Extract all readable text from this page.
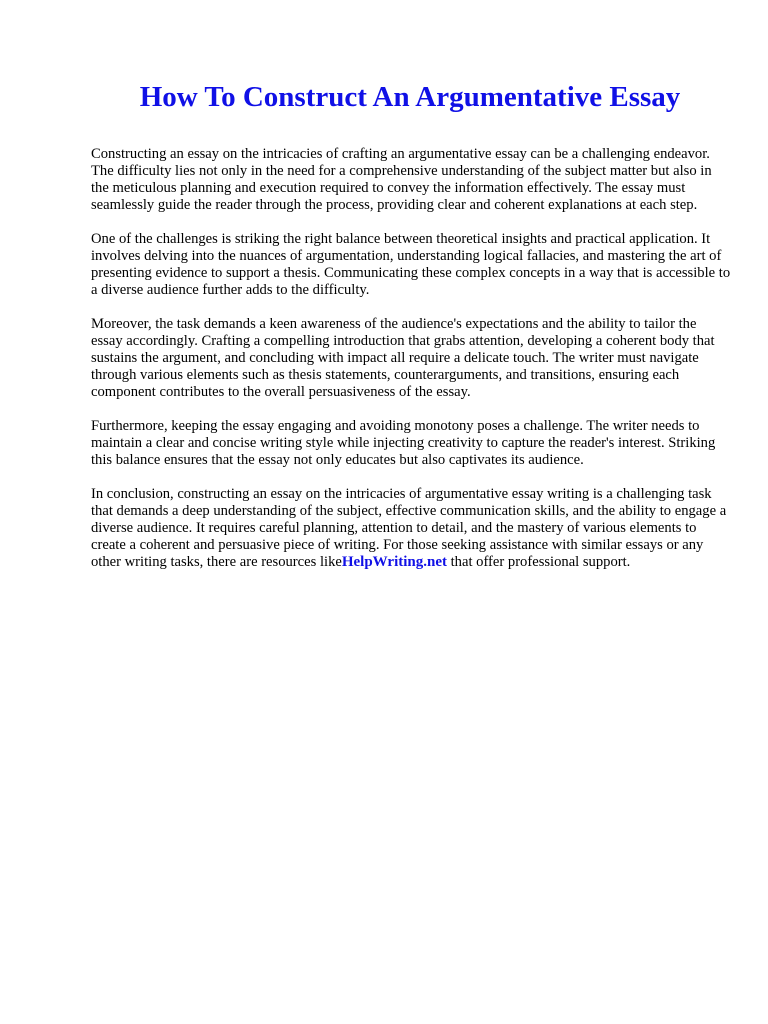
How To Construct An Argumentative Essay

Constructing an essay on the intricacies of crafting an argumentative essay can be a challenging endeavor. The difficulty lies not only in the need for a comprehensive understanding of the subject matter but also in the meticulous planning and execution required to convey the information effectively. The essay must seamlessly guide the reader through the process, providing clear and coherent explanations at each step.

One of the challenges is striking the right balance between theoretical insights and practical application. It involves delving into the nuances of argumentation, understanding logical fallacies, and mastering the art of presenting evidence to support a thesis. Communicating these complex concepts in a way that is accessible to a diverse audience further adds to the difficulty.

Moreover, the task demands a keen awareness of the audience's expectations and the ability to tailor the essay accordingly. Crafting a compelling introduction that grabs attention, developing a coherent body that sustains the argument, and concluding with impact all require a delicate touch. The writer must navigate through various elements such as thesis statements, counterarguments, and transitions, ensuring each component contributes to the overall persuasiveness of the essay.

Furthermore, keeping the essay engaging and avoiding monotony poses a challenge. The writer needs to maintain a clear and concise writing style while injecting creativity to capture the reader's interest. Striking this balance ensures that the essay not only educates but also captivates its audience.

In conclusion, constructing an essay on the intricacies of argumentative essay writing is a challenging task that demands a deep understanding of the subject, effective communication skills, and the ability to engage a diverse audience. It requires careful planning, attention to detail, and the mastery of various elements to create a coherent and persuasive piece of writing. For those seeking assistance with similar essays or any other writing tasks, there are resources likeHelpWriting.net that offer professional support.
